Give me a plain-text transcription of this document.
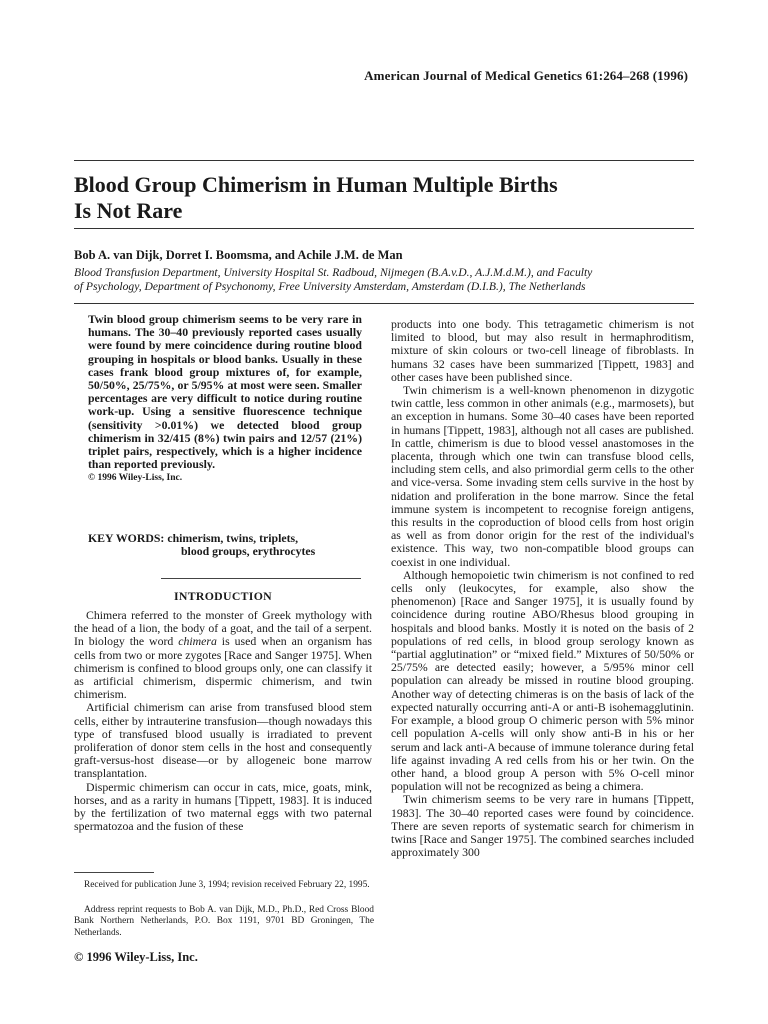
American Journal of Medical Genetics 61:264–268 (1996)
Blood Group Chimerism in Human Multiple Births
Is Not Rare
Bob A. van Dijk, Dorret I. Boomsma, and Achile J.M. de Man
Blood Transfusion Department, University Hospital St. Radboud, Nijmegen (B.A.v.D., A.J.M.d.M.), and Faculty
of Psychology, Department of Psychonomy, Free University Amsterdam, Amsterdam (D.I.B.), The Netherlands

Twin blood group chimerism seems to be very rare in humans. The 30–40 previously reported cases usually were found by mere coincidence during routine blood grouping in hospitals or blood banks. Usually in these cases frank blood group mixtures of, for example, 50/50%, 25/75%, or 5/95% at most were seen. Smaller percentages are very difficult to notice during routine work-up. Using a sensitive fluorescence technique (sensitivity >0.01%) we detected blood group chimerism in 32/415 (8%) twin pairs and 12/57 (21%) triplet pairs, respectively, which is a higher incidence than reported previously.

© 1996 Wiley-Liss, Inc.
KEY WORDS: chimerism, twins, triplets,
blood groups, erythrocytes
INTRODUCTION

Chimera referred to the monster of Greek mythology with the head of a lion, the body of a goat, and the tail of a serpent. In biology the word chimera is used when an organism has cells from two or more zygotes [Race and Sanger 1975]. When chimerism is confined to blood groups only, one can classify it as artificial chimerism, dispermic chimerism, and twin chimerism.

Artificial chimerism can arise from transfused blood stem cells, either by intrauterine transfusion—though nowadays this type of transfused blood usually is irradiated to prevent proliferation of donor stem cells in the host and consequently graft-versus-host disease—or by allogeneic bone marrow transplantation.

Dispermic chimerism can occur in cats, mice, goats, mink, horses, and as a rarity in humans [Tippett, 1983]. It is induced by the fertilization of two maternal eggs with two paternal spermatozoa and the fusion of these

Received for publication June 3, 1994; revision received February 22, 1995.

Address reprint requests to Bob A. van Dijk, M.D., Ph.D., Red Cross Blood Bank Northern Netherlands, P.O. Box 1191, 9701 BD Groningen, The Netherlands.

© 1996 Wiley-Liss, Inc.

products into one body. This tetragametic chimerism is not limited to blood, but may also result in hermaphroditism, mixture of skin colours or two-cell lineage of fibroblasts. In humans 32 cases have been summarized [Tippett, 1983] and other cases have been published since.

Twin chimerism is a well-known phenomenon in dizygotic twin cattle, less common in other animals (e.g., marmosets), but an exception in humans. Some 30–40 cases have been reported in humans [Tippett, 1983], although not all cases are published. In cattle, chimerism is due to blood vessel anastomoses in the placenta, through which one twin can transfuse blood cells, including stem cells, and also primordial germ cells to the other and vice-versa. Some invading stem cells survive in the host by nidation and proliferation in the bone marrow. Since the fetal immune system is incompetent to recognise foreign antigens, this results in the coproduction of blood cells from host origin as well as from donor origin for the rest of the individual's existence. This way, two non-compatible blood groups can coexist in one individual.

Although hemopoietic twin chimerism is not confined to red cells only (leukocytes, for example, also show the phenomenon) [Race and Sanger 1975], it is usually found by coincidence during routine ABO/Rhesus blood grouping in hospitals and blood banks. Mostly it is noted on the basis of 2 populations of red cells, in blood group serology known as “partial agglutination” or “mixed field.” Mixtures of 50/50% or 25/75% are detected easily; however, a 5/95% minor cell population can already be missed in routine blood grouping. Another way of detecting chimeras is on the basis of lack of the expected naturally occurring anti-A or anti-B isohemagglutinin. For example, a blood group O chimeric person with 5% minor cell population A-cells will only show anti-B in his or her serum and lack anti-A because of immune tolerance during fetal life against invading A red cells from his or her twin. On the other hand, a blood group A person with 5% O-cell minor population will not be recognized as being a chimera.

Twin chimerism seems to be very rare in humans [Tippett, 1983]. The 30–40 reported cases were found by coincidence. There are seven reports of systematic search for chimerism in twins [Race and Sanger 1975]. The combined searches included approximately 300
